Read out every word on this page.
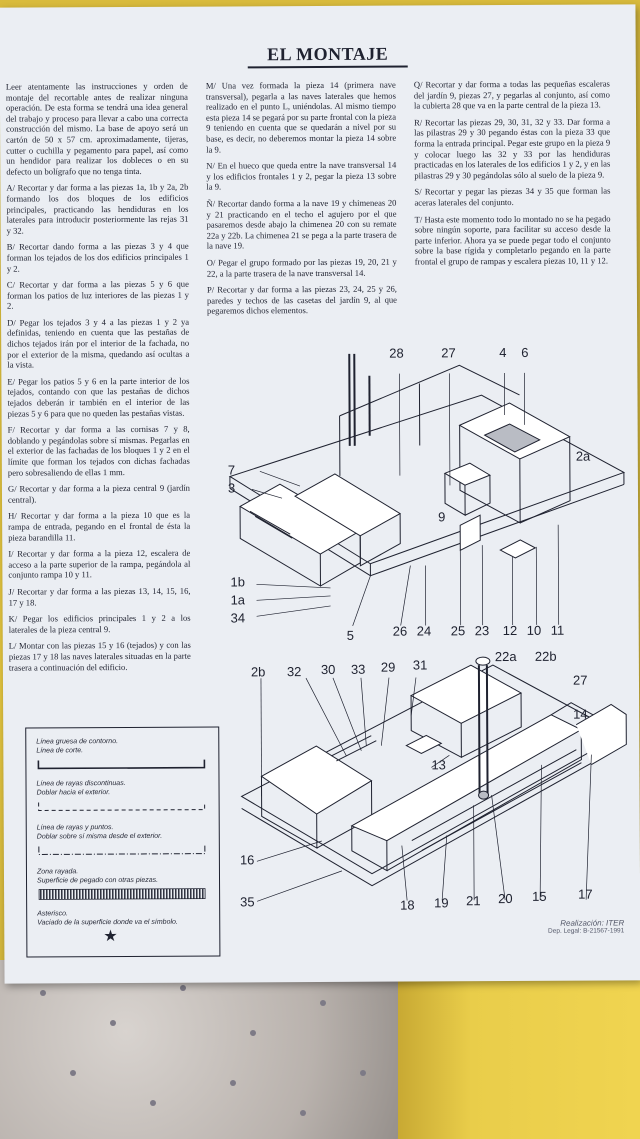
EL MONTAJE

Leer atentamente las instrucciones y orden de montaje del recortable antes de realizar ninguna operación. De esta forma se tendrá una idea general del trabajo y proceso para llevar a cabo una correcta construcción del mismo. La base de apoyo será un cartón de 50 x 57 cm. aproximadamente, tijeras, cutter o cuchilla y pegamento para papel, así como un hendidor para realizar los dobleces o en su defecto un bolígrafo que no tenga tinta.

A/ Recortar y dar forma a las piezas 1a, 1b y 2a, 2b formando los dos bloques de los edificios principales, practicando las hendiduras en los laterales para introducir posteriormente las rejas 31 y 32.

B/ Recortar dando forma a las piezas 3 y 4 que forman los tejados de los dos edificios principales 1 y 2.

C/ Recortar y dar forma a las piezas 5 y 6 que forman los patios de luz interiores de las piezas 1 y 2.

D/ Pegar los tejados 3 y 4 a las piezas 1 y 2 ya definidas, teniendo en cuenta que las pestañas de dichos tejados irán por el interior de la fachada, no por el exterior de la misma, quedando así ocultas a la vista.

E/ Pegar los patios 5 y 6 en la parte interior de los tejados, contando con que las pestañas de dichos tejados deberán ir también en el interior de las piezas 5 y 6 para que no queden las pestañas vistas.

F/ Recortar y dar forma a las cornisas 7 y 8, doblando y pegándolas sobre sí mismas. Pegarlas en el exterior de las fachadas de los bloques 1 y 2 en el límite que forman los tejados con dichas fachadas pero sobresaliendo de ellas 1 mm.

G/ Recortar y dar forma a la pieza central 9 (jardín central).

H/ Recortar y dar forma a la pieza 10 que es la rampa de entrada, pegando en el frontal de ésta la pieza barandilla 11.

I/ Recortar y dar forma a la pieza 12, escalera de acceso a la parte superior de la rampa, pegándola al conjunto rampa 10 y 11.

J/ Recortar y dar forma a las piezas 13, 14, 15, 16, 17 y 18.

K/ Pegar los edificios principales 1 y 2 a los laterales de la pieza central 9.

L/ Montar con las piezas 15 y 16 (tejados) y con las piezas 17 y 18 las naves laterales situadas en la parte trasera a continuación del edificio.

M/ Una vez formada la pieza 14 (primera nave transversal), pegarla a las naves laterales que hemos realizado en el punto L, uniéndolas. Al mismo tiempo esta pieza 14 se pegará por su parte frontal con la pieza 9 teniendo en cuenta que se quedarán a nivel por su base, es decir, no deberemos montar la pieza 14 sobre la 9.

N/ En el hueco que queda entre la nave transversal 14 y los edificios frontales 1 y 2, pegar la pieza 13 sobre la 9.

Ñ/ Recortar dando forma a la nave 19 y chimeneas 20 y 21 practicando en el techo el agujero por el que pasaremos desde abajo la chimenea 20 con su remate 22a y 22b. La chimenea 21 se pega a la parte trasera de la nave 19.

O/ Pegar el grupo formado por las piezas 19, 20, 21 y 22, a la parte trasera de la nave transversal 14.

P/ Recortar y dar forma a las piezas 23, 24, 25 y 26, paredes y techos de las casetas del jardín 9, al que pegaremos dichos elementos.

Q/ Recortar y dar forma a todas las pequeñas escaleras del jardín 9, piezas 27, y pegarlas al conjunto, así como la cubierta 28 que va en la parte central de la pieza 13.

R/ Recortar las piezas 29, 30, 31, 32 y 33. Dar forma a las pilastras 29 y 30 pegando éstas con la pieza 33 que forma la entrada principal. Pegar este grupo en la pieza 9 y colocar luego las 32 y 33 por las hendiduras practicadas en los laterales de los edificios 1 y 2, y en las pilastras 29 y 30 pegándolas sólo al suelo de la pieza 9.

S/ Recortar y pegar las piezas 34 y 35 que forman las aceras laterales del conjunto.

T/ Hasta este momento todo lo montado no se ha pegado sobre ningún soporte, para facilitar su acceso desde la parte inferior. Ahora ya se puede pegar todo el conjunto sobre la base rígida y completarlo pegando en la parte frontal el grupo de rampas y escalera piezas 10, 11 y 12.

Línea gruesa de contorno.
Línea de corte.
Línea de rayas discontinuas.
Doblar hacia el exterior.
Línea de rayas y puntos.
Doblar sobre sí misma desde el exterior.
Zona rayada.
Superficie de pegado con otras piezas.
Asterisco.
Vaciado de la superficie donde va el símbolo.
★
28	27	4 6
2a
7
3
9
1b
1a
34
5	26 24 25 23 12 10 11
22a 22b
2b 32 30 33 29 31
27
14
13
16
35	18 19 21 20 15 17
Realización: ITER
Dep. Legal: B-21567-1991
